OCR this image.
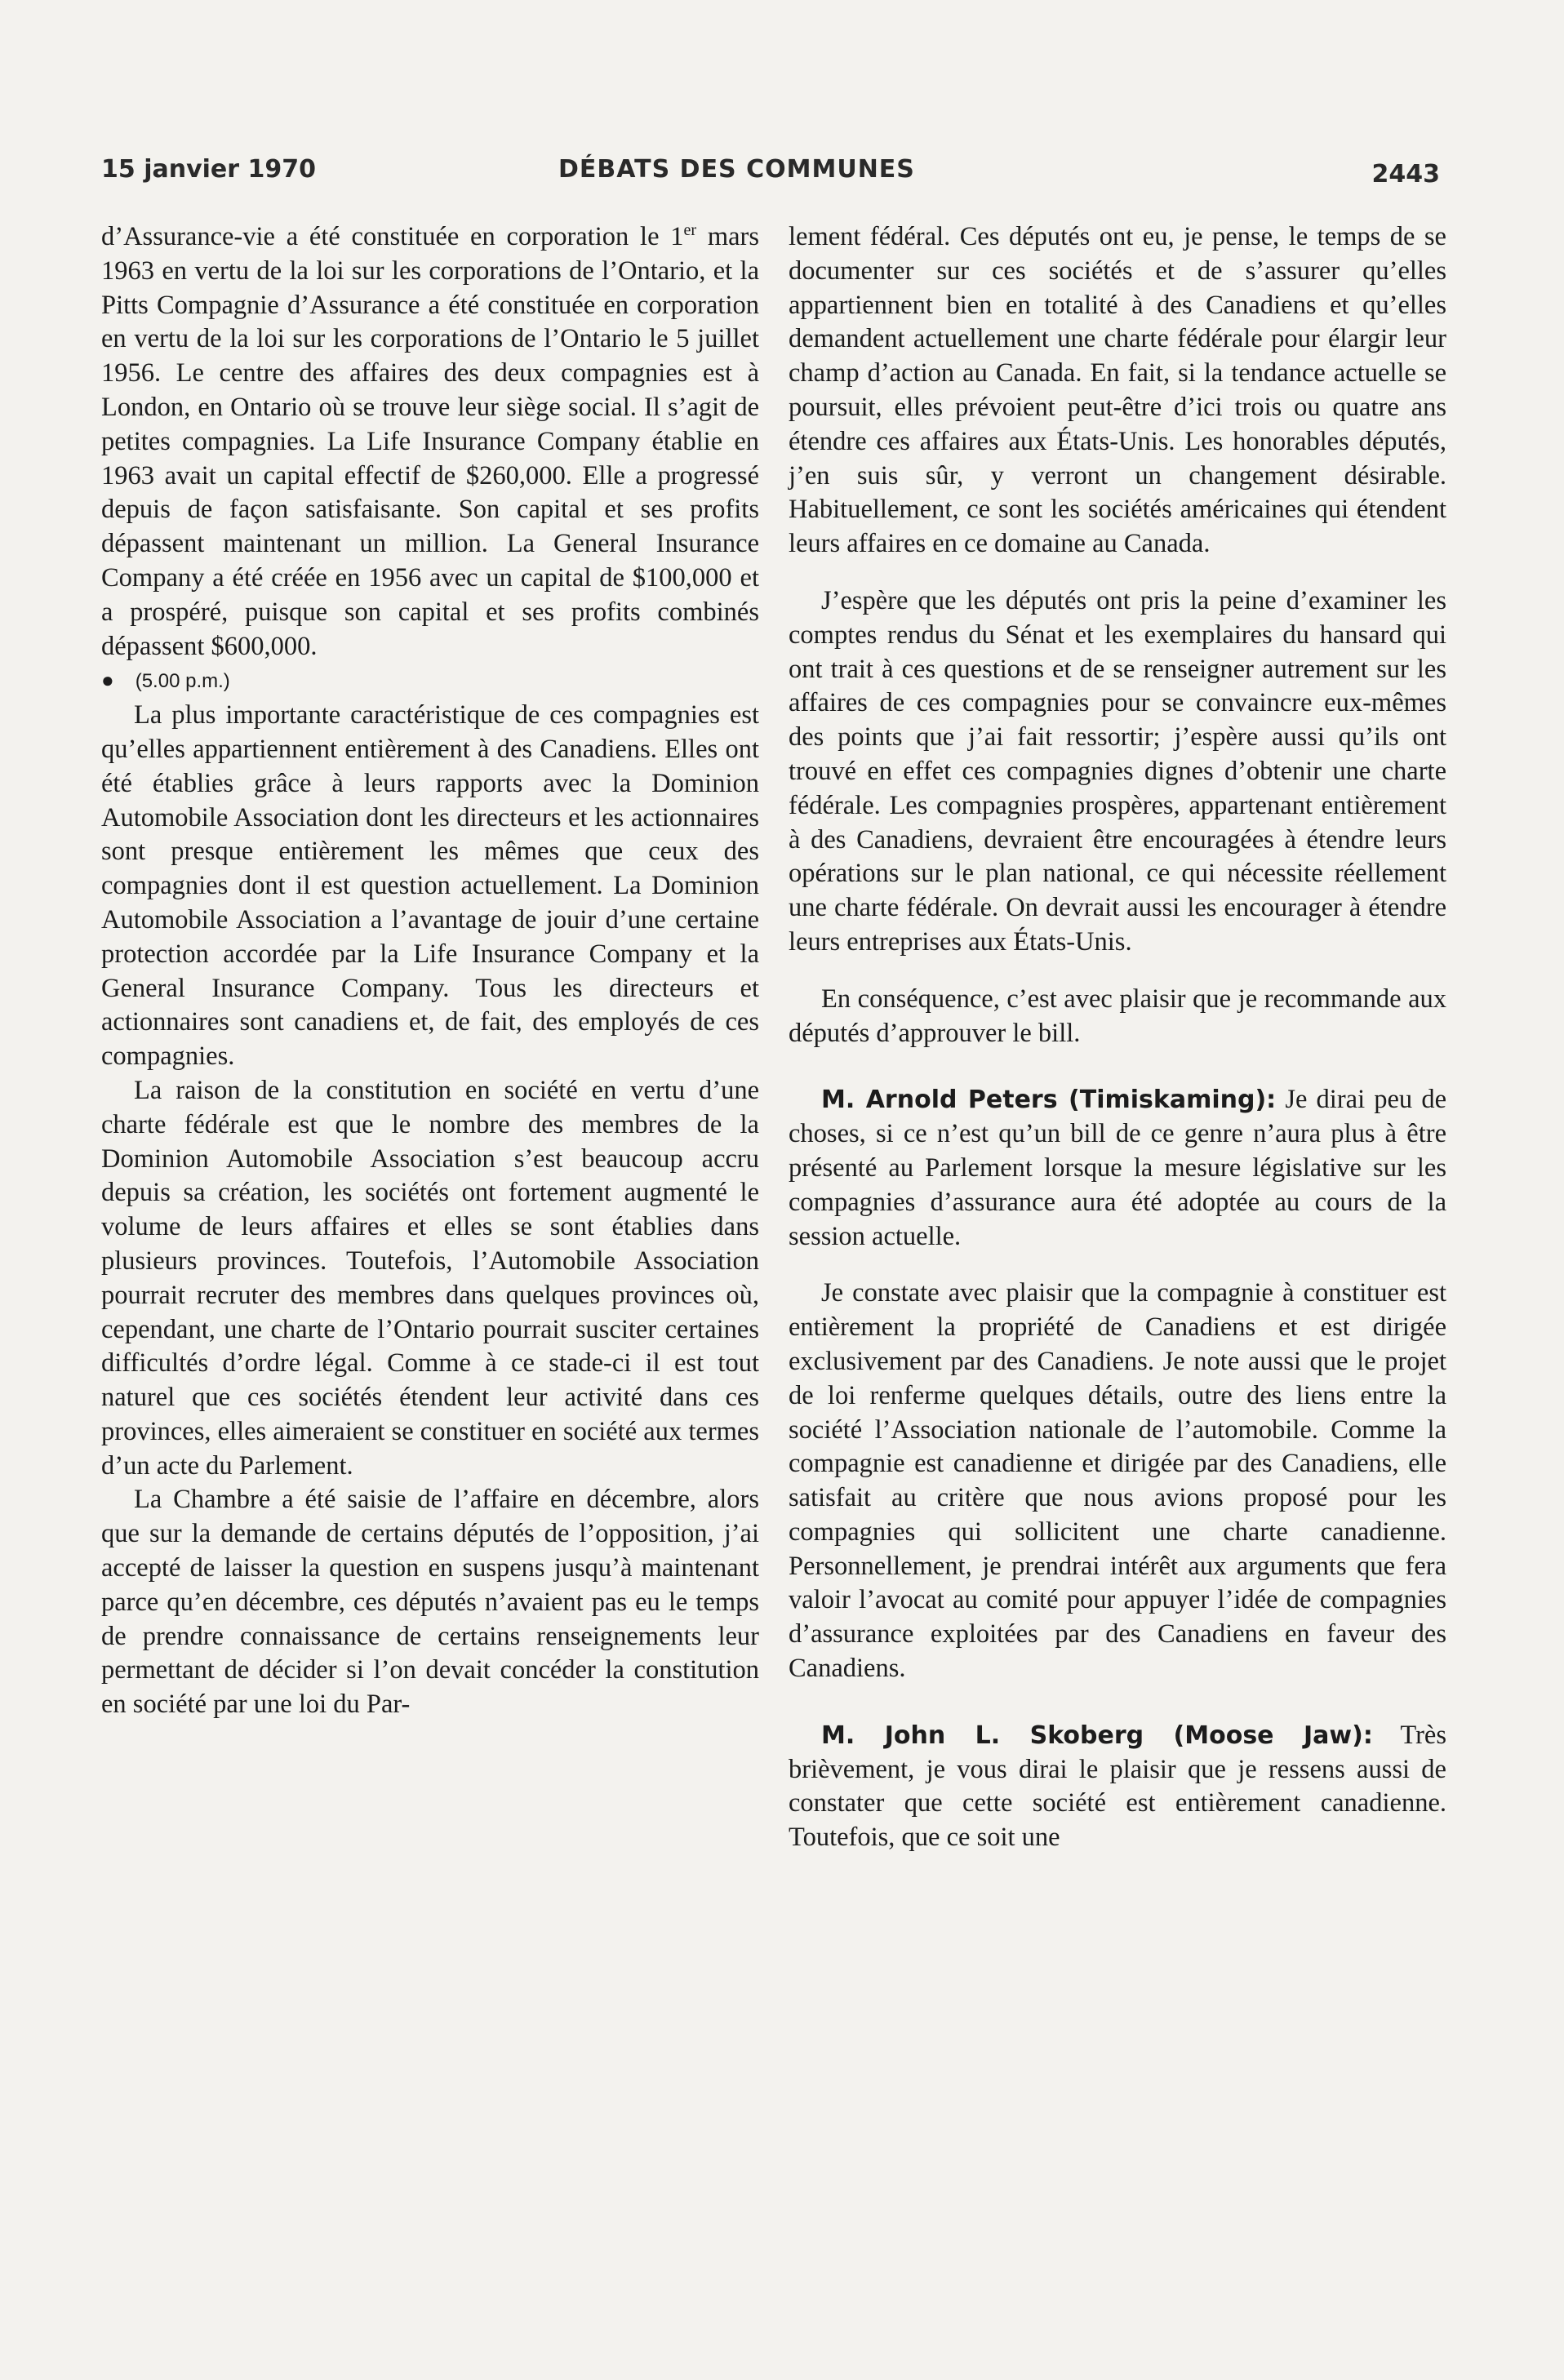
15 janvier 1970	DÉBATS DES COMMUNES	2443

d’Assurance-vie a été constituée en corporation le 1er mars 1963 en vertu de la loi sur les corporations de l’Ontario, et la Pitts Compagnie d’Assurance a été constituée en corporation en vertu de la loi sur les corporations de l’Ontario le 5 juillet 1956. Le centre des affaires des deux compagnies est à London, en Ontario où se trouve leur siège social. Il s’agit de petites compagnies. La Life Insurance Company établie en 1963 avait un capital effectif de $260,000. Elle a progressé depuis de façon satisfaisante. Son capital et ses profits dépassent maintenant un million. La General Insurance Company a été créée en 1956 avec un capital de $100,000 et a prospéré, puisque son capital et ses profits combinés dépassent $600,000.

● (5.00 p.m.)

La plus importante caractéristique de ces compagnies est qu’elles appartiennent entièrement à des Canadiens. Elles ont été établies grâce à leurs rapports avec la Dominion Automobile Association dont les directeurs et les actionnaires sont presque entièrement les mêmes que ceux des compagnies dont il est question actuellement. La Dominion Automobile Association a l’avantage de jouir d’une certaine protection accordée par la Life Insurance Company et la General Insurance Company. Tous les directeurs et actionnaires sont canadiens et, de fait, des employés de ces compagnies.

La raison de la constitution en société en vertu d’une charte fédérale est que le nombre des membres de la Dominion Automobile Association s’est beaucoup accru depuis sa création, les sociétés ont fortement augmenté le volume de leurs affaires et elles se sont établies dans plusieurs provinces. Toutefois, l’Automobile Association pourrait recruter des membres dans quelques provinces où, cependant, une charte de l’Ontario pourrait susciter certaines difficultés d’ordre légal. Comme à ce stade-ci il est tout naturel que ces sociétés étendent leur activité dans ces provinces, elles aimeraient se constituer en société aux termes d’un acte du Parlement.

La Chambre a été saisie de l’affaire en décembre, alors que sur la demande de certains députés de l’opposition, j’ai accepté de laisser la question en suspens jusqu’à maintenant parce qu’en décembre, ces députés n’avaient pas eu le temps de prendre connaissance de certains renseignements leur permettant de décider si l’on devait concéder la constitution en société par une loi du Par-

lement fédéral. Ces députés ont eu, je pense, le temps de se documenter sur ces sociétés et de s’assurer qu’elles appartiennent bien en totalité à des Canadiens et qu’elles demandent actuellement une charte fédérale pour élargir leur champ d’action au Canada. En fait, si la tendance actuelle se poursuit, elles prévoient peut-être d’ici trois ou quatre ans étendre ces affaires aux États-Unis. Les honorables députés, j’en suis sûr, y verront un changement désirable. Habituellement, ce sont les sociétés américaines qui étendent leurs affaires en ce domaine au Canada.

J’espère que les députés ont pris la peine d’examiner les comptes rendus du Sénat et les exemplaires du hansard qui ont trait à ces questions et de se renseigner autrement sur les affaires de ces compagnies pour se convaincre eux-mêmes des points que j’ai fait ressortir; j’espère aussi qu’ils ont trouvé en effet ces compagnies dignes d’obtenir une charte fédérale. Les compagnies prospères, appartenant entièrement à des Canadiens, devraient être encouragées à étendre leurs opérations sur le plan national, ce qui nécessite réellement une charte fédérale. On devrait aussi les encourager à étendre leurs entreprises aux États-Unis.

En conséquence, c’est avec plaisir que je recommande aux députés d’approuver le bill.

M. Arnold Peters (Timiskaming): Je dirai peu de choses, si ce n’est qu’un bill de ce genre n’aura plus à être présenté au Parlement lorsque la mesure législative sur les compagnies d’assurance aura été adoptée au cours de la session actuelle.

Je constate avec plaisir que la compagnie à constituer est entièrement la propriété de Canadiens et est dirigée exclusivement par des Canadiens. Je note aussi que le projet de loi renferme quelques détails, outre des liens entre la société l’Association nationale de l’automobile. Comme la compagnie est canadienne et dirigée par des Canadiens, elle satisfait au critère que nous avions proposé pour les compagnies qui sollicitent une charte canadienne. Personnellement, je prendrai intérêt aux arguments que fera valoir l’avocat au comité pour appuyer l’idée de compagnies d’assurance exploitées par des Canadiens en faveur des Canadiens.

M. John L. Skoberg (Moose Jaw): Très brièvement, je vous dirai le plaisir que je ressens aussi de constater que cette société est entièrement canadienne. Toutefois, que ce soit une
